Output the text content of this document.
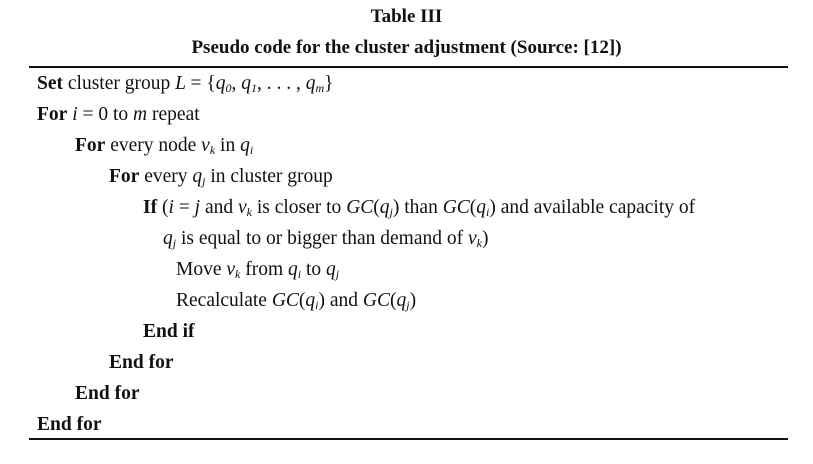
Table III
Pseudo code for the cluster adjustment (Source: [12])
Set cluster group $L = \{q_0$, $q_1$, . . . , $q_m$}
For i = 0 to m repeat
For every node $v_k$ in $q_i$
For every $q_j$ in cluster group
If (i = j and $v_k$ is closer to $GC(q_j)$ than $GC(q_i)$ and available capacity of
$q_j$ is equal to or bigger than demand of $v_k$)
Move $v_k$ from $q_i$ to $q_j$
Recalculate $GC(q_i)$ and $GC(q_j)$
End if
End for
End for
End for
